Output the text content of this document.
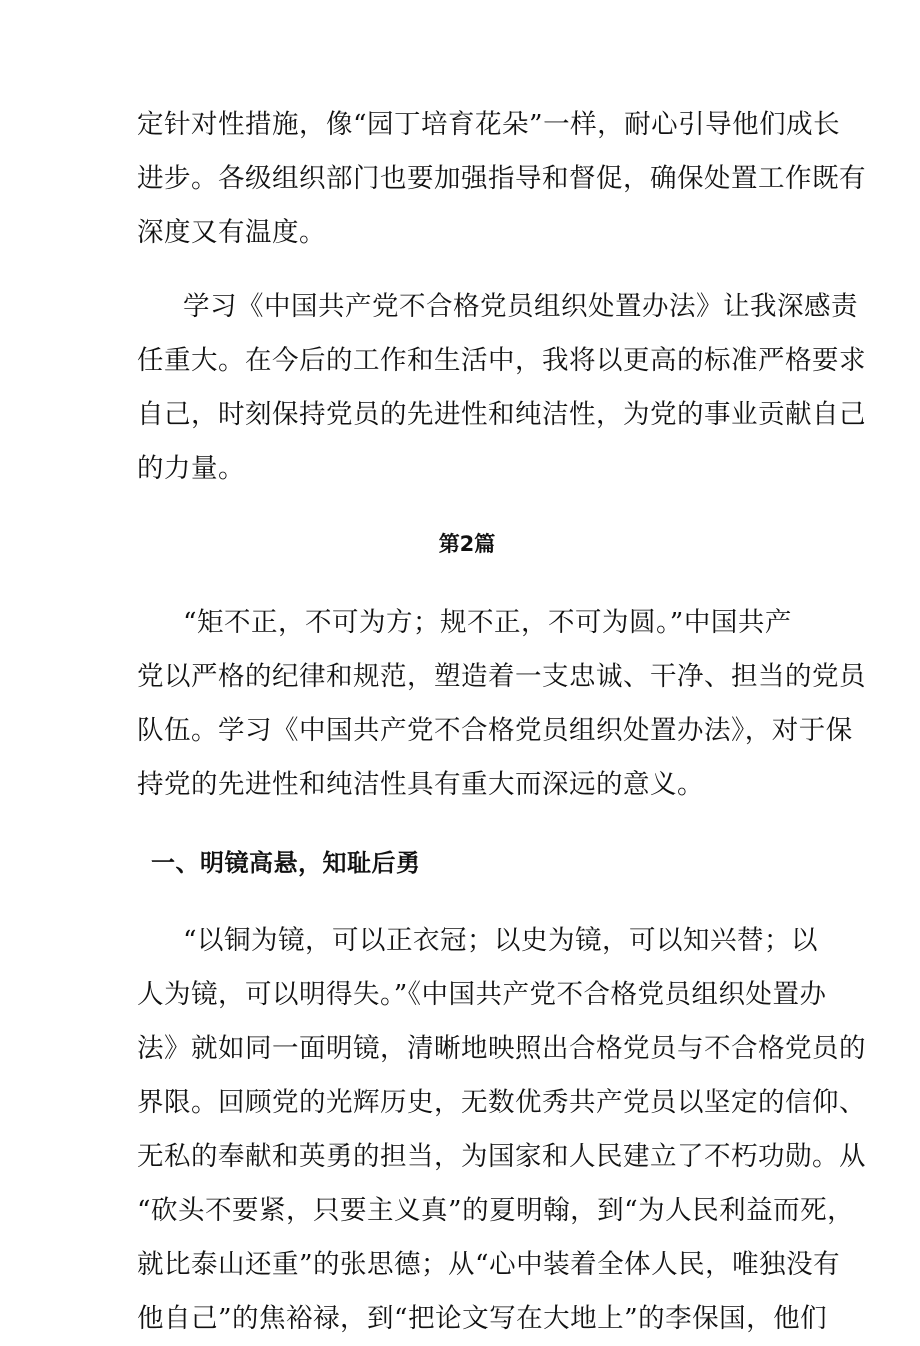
定针对性措施，像“园丁培育花朵”一样，耐心引导他们成长
进步。各级组织部门也要加强指导和督促，确保处置工作既有
深度又有温度。
学习《中国共产党不合格党员组织处置办法》让我深感责
任重大。在今后的工作和生活中，我将以更高的标准严格要求
自己，时刻保持党员的先进性和纯洁性，为党的事业贡献自己
的力量。
第2篇
“矩不正，不可为方；规不正，不可为圆。”中国共产
党以严格的纪律和规范，塑造着一支忠诚、干净、担当的党员
队伍。学习《中国共产党不合格党员组织处置办法》，对于保
持党的先进性和纯洁性具有重大而深远的意义。
一、明镜高悬，知耻后勇
“以铜为镜，可以正衣冠；以史为镜，可以知兴替；以
人为镜，可以明得失。”《中国共产党不合格党员组织处置办
法》就如同一面明镜，清晰地映照出合格党员与不合格党员的
界限。回顾党的光辉历史，无数优秀共产党员以坚定的信仰、
无私的奉献和英勇的担当，为国家和人民建立了不朽功勋。从
“砍头不要紧，只要主义真”的夏明翰，到“为人民利益而死，
就比泰山还重”的张思德；从“心中装着全体人民，唯独没有
他自己”的焦裕禄，到“把论文写在大地上”的李保国，他们
